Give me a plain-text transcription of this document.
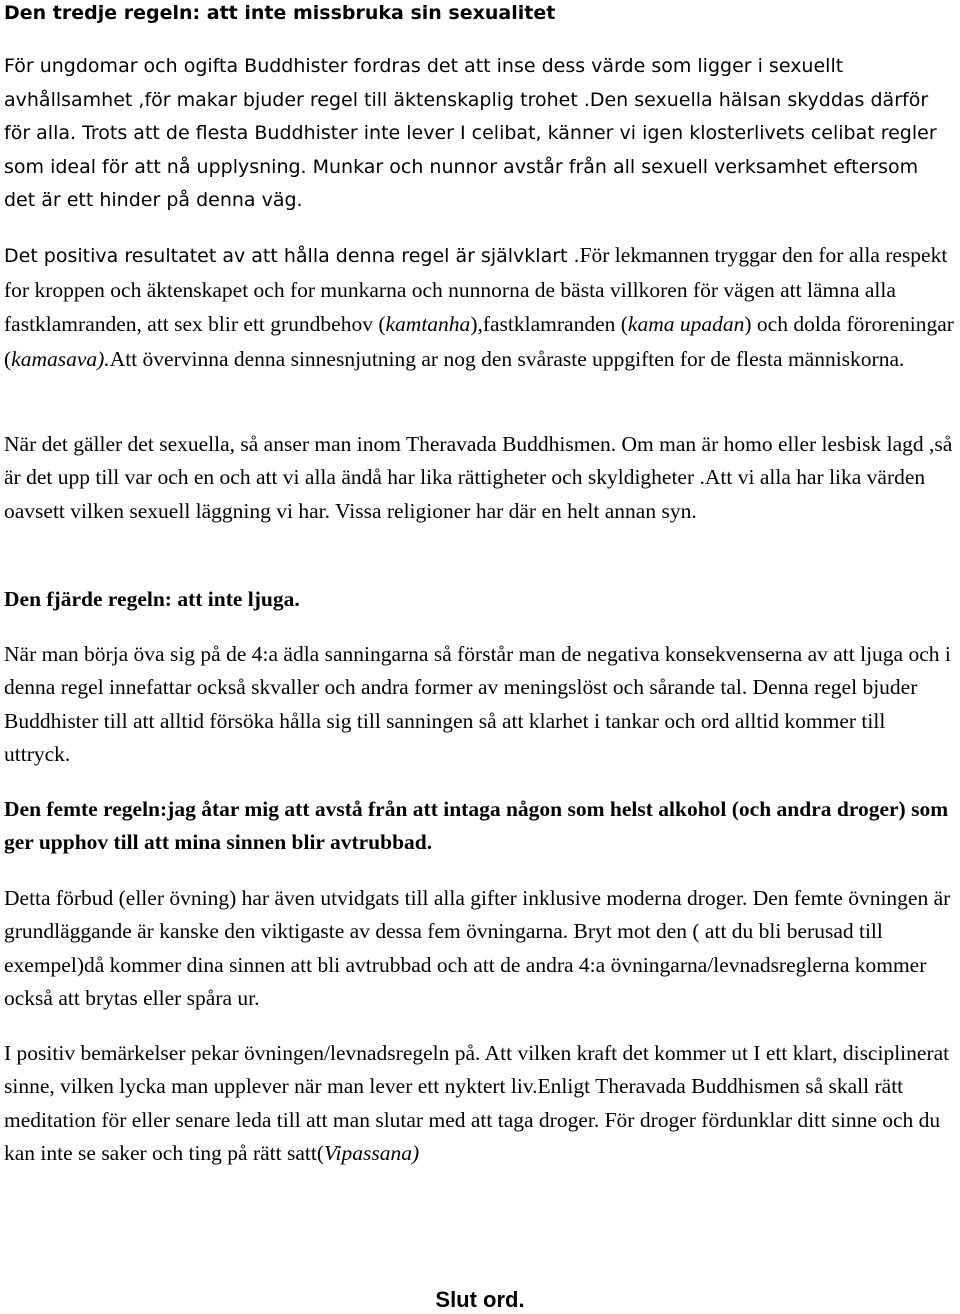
Den tredje regeln: att inte missbruka sin sexualitet

För ungdomar och ogifta Buddhister fordras det att inse dess värde som ligger i sexuellt avhållsamhet ,för makar bjuder regel till äktenskaplig trohet .Den sexuella hälsan skyddas därför för alla. Trots att de flesta Buddhister inte lever I celibat, känner vi igen klosterlivets celibat regler som ideal för att nå upplysning. Munkar och nunnor avstår från all sexuell verksamhet eftersom det är ett hinder på denna väg.

Det positiva resultatet av att hålla denna regel är självklart .För lekmannen tryggar den for alla respekt for kroppen och äktenskapet och for munkarna och nunnorna de bästa villkoren för vägen att lämna alla fastklamranden, att sex blir ett grundbehov (kamtanha),fastklamranden (kama upadan) och dolda föroreningar (kamasava).Att övervinna denna sinnesnjutning ar nog den svåraste uppgiften for de flesta människorna.

När det gäller det sexuella, så anser man inom Theravada Buddhismen. Om man är homo eller lesbisk lagd ,så är det upp till var och en och att vi alla ändå har lika rättigheter och skyldigheter .Att vi alla har lika värden oavsett vilken sexuell läggning vi har. Vissa religioner har där en helt annan syn.

Den fjärde regeln: att inte ljuga.

När man börja öva sig på de 4:a ädla sanningarna så förstår man de negativa konsekvenserna av att ljuga och i denna regel innefattar också skvaller och andra former av meningslöst och sårande tal. Denna regel bjuder Buddhister till att alltid försöka hålla sig till sanningen så att klarhet i tankar och ord alltid kommer till uttryck.

Den femte regeln:jag åtar mig att avstå från att intaga någon som helst alkohol (och andra droger) som ger upphov till att mina sinnen blir avtrubbad.

Detta förbud (eller övning) har även utvidgats till alla gifter inklusive moderna droger. Den femte övningen är grundläggande är kanske den viktigaste av dessa fem övningarna. Bryt mot den ( att du bli berusad till exempel)då kommer dina sinnen att bli avtrubbad och att de andra 4:a övningarna/levnadsreglerna kommer också att brytas eller spåra ur.

I positiv bemärkelser pekar övningen/levnadsregeln på. Att vilken kraft det kommer ut I ett klart, disciplinerat sinne, vilken lycka man upplever när man lever ett nyktert liv.Enligt Theravada Buddhismen så skall rätt meditation för eller senare leda till att man slutar med att taga droger. För droger fördunklar ditt sinne och du kan inte se saker och ting på rätt satt(Vipassana)

Slut ord.
